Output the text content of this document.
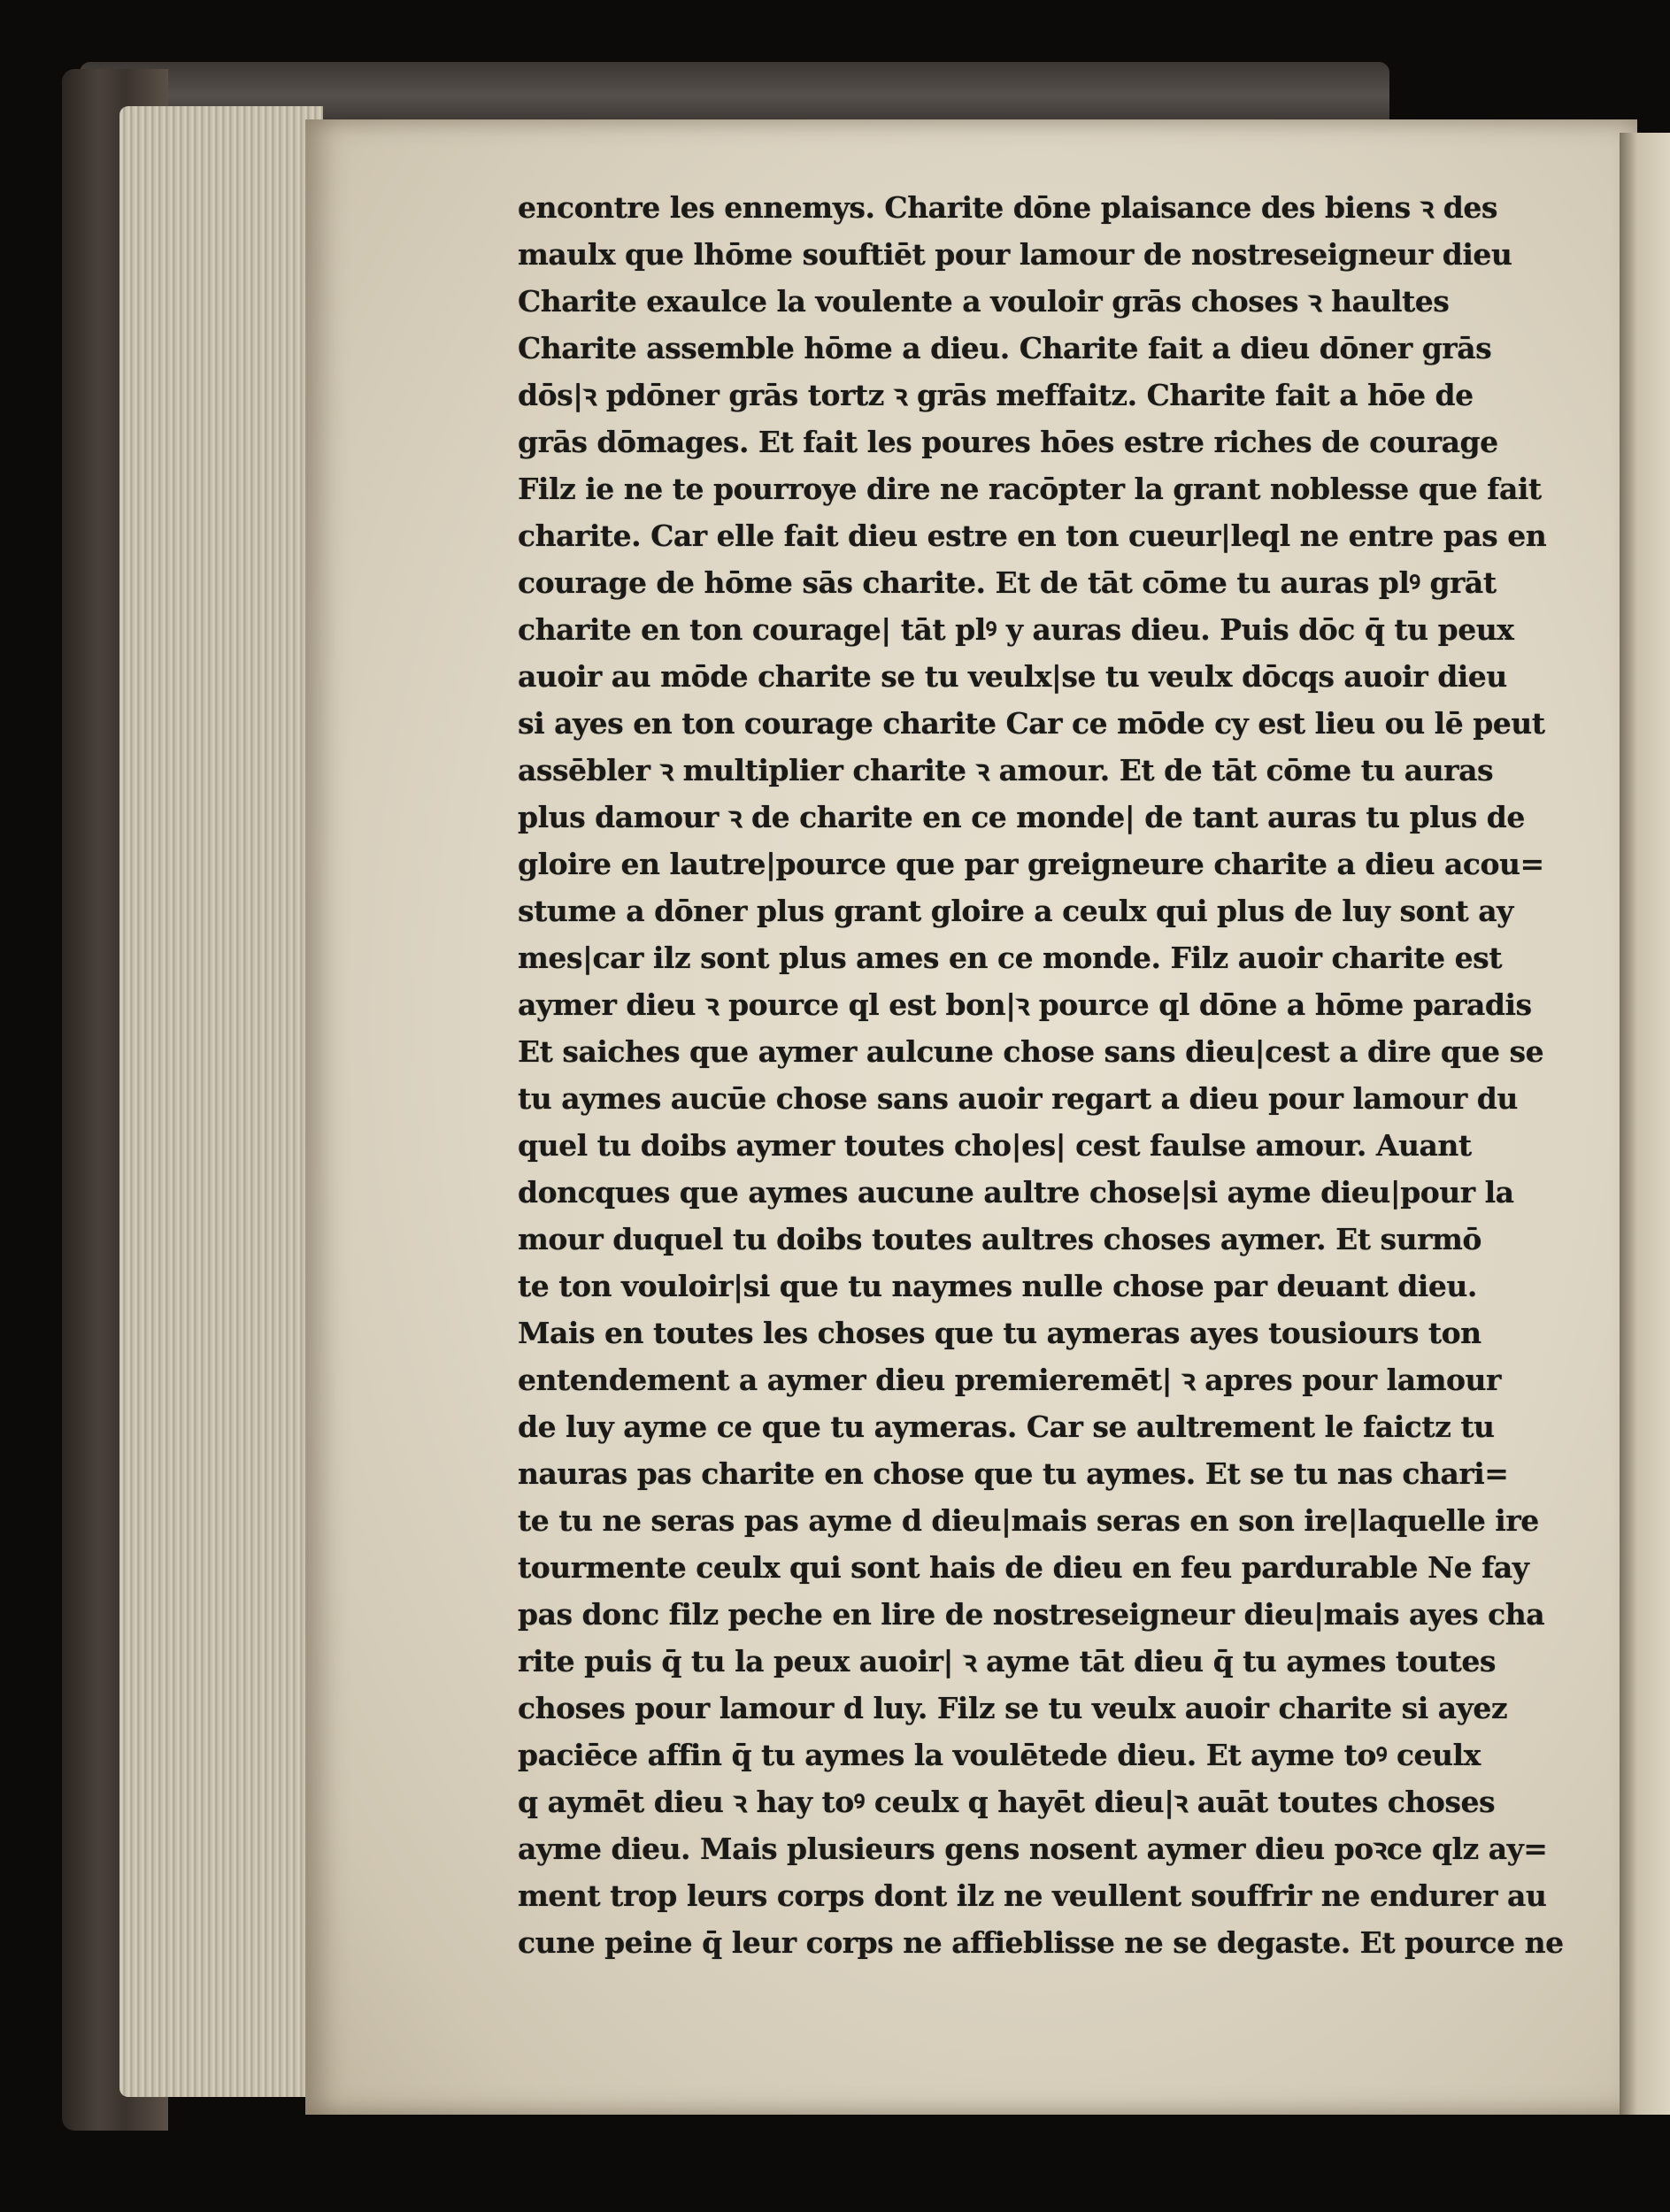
encontre les ennemys. Charite dōne plaisance des biens ꝛ des
maulx que lhōme souftiēt pour lamour de nostreseigneur dieu
Charite exaulce la voulente a vouloir grās choses ꝛ haultes
Charite assemble hōme a dieu. Charite fait a dieu dōner grās
dōs|ꝛ pdōner grās tortz ꝛ grās meffaitz. Charite fait a hōe de
grās dōmages. Et fait les poures hōes estre riches de courage
Filz ie ne te pourroye dire ne racōpter la grant noblesse que fait
charite. Car elle fait dieu estre en ton cueur|leql ne entre pas en
courage de hōme sās charite. Et de tāt cōme tu auras plꝰ grāt
charite en ton courage| tāt plꝰ y auras dieu. Puis dōc q̄ tu peux
auoir au mōde charite se tu veulx|se tu veulx dōcqs auoir dieu
si ayes en ton courage charite Car ce mōde cy est lieu ou lē peut
assēbler ꝛ multiplier charite ꝛ amour. Et de tāt cōme tu auras
plus damour ꝛ de charite en ce monde| de tant auras tu plus de
gloire en lautre|pource que par greigneure charite a dieu acou=
stume a dōner plus grant gloire a ceulx qui plus de luy sont ay
mes|car ilz sont plus ames en ce monde. Filz auoir charite est
aymer dieu ꝛ pource ql est bon|ꝛ pource ql dōne a hōme paradis
Et saiches que aymer aulcune chose sans dieu|cest a dire que se
tu aymes aucūe chose sans auoir regart a dieu pour lamour du
quel tu doibs aymer toutes cho|es| cest faulse amour. Auant
doncques que aymes aucune aultre chose|si ayme dieu|pour la
mour duquel tu doibs toutes aultres choses aymer. Et surmō
te ton vouloir|si que tu naymes nulle chose par deuant dieu.
Mais en toutes les choses que tu aymeras ayes tousiours ton
entendement a aymer dieu premieremēt| ꝛ apres pour lamour
de luy ayme ce que tu aymeras. Car se aultrement le faictz tu
nauras pas charite en chose que tu aymes. Et se tu nas chari=
te tu ne seras pas ayme d dieu|mais seras en son ire|laquelle ire
tourmente ceulx qui sont hais de dieu en feu pardurable Ne fay
pas donc filz peche en lire de nostreseigneur dieu|mais ayes cha
rite puis q̄ tu la peux auoir| ꝛ ayme tāt dieu q̄ tu aymes toutes
choses pour lamour d luy. Filz se tu veulx auoir charite si ayez
paciēce affin q̄ tu aymes la voulētede dieu. Et ayme toꝰ ceulx
q aymēt dieu ꝛ hay toꝰ ceulx q hayēt dieu|ꝛ auāt toutes choses
ayme dieu. Mais plusieurs gens nosent aymer dieu poꝛce qlz ay=
ment trop leurs corps dont ilz ne veullent souffrir ne endurer au
cune peine q̄ leur corps ne affieblisse ne se degaste. Et pource ne
